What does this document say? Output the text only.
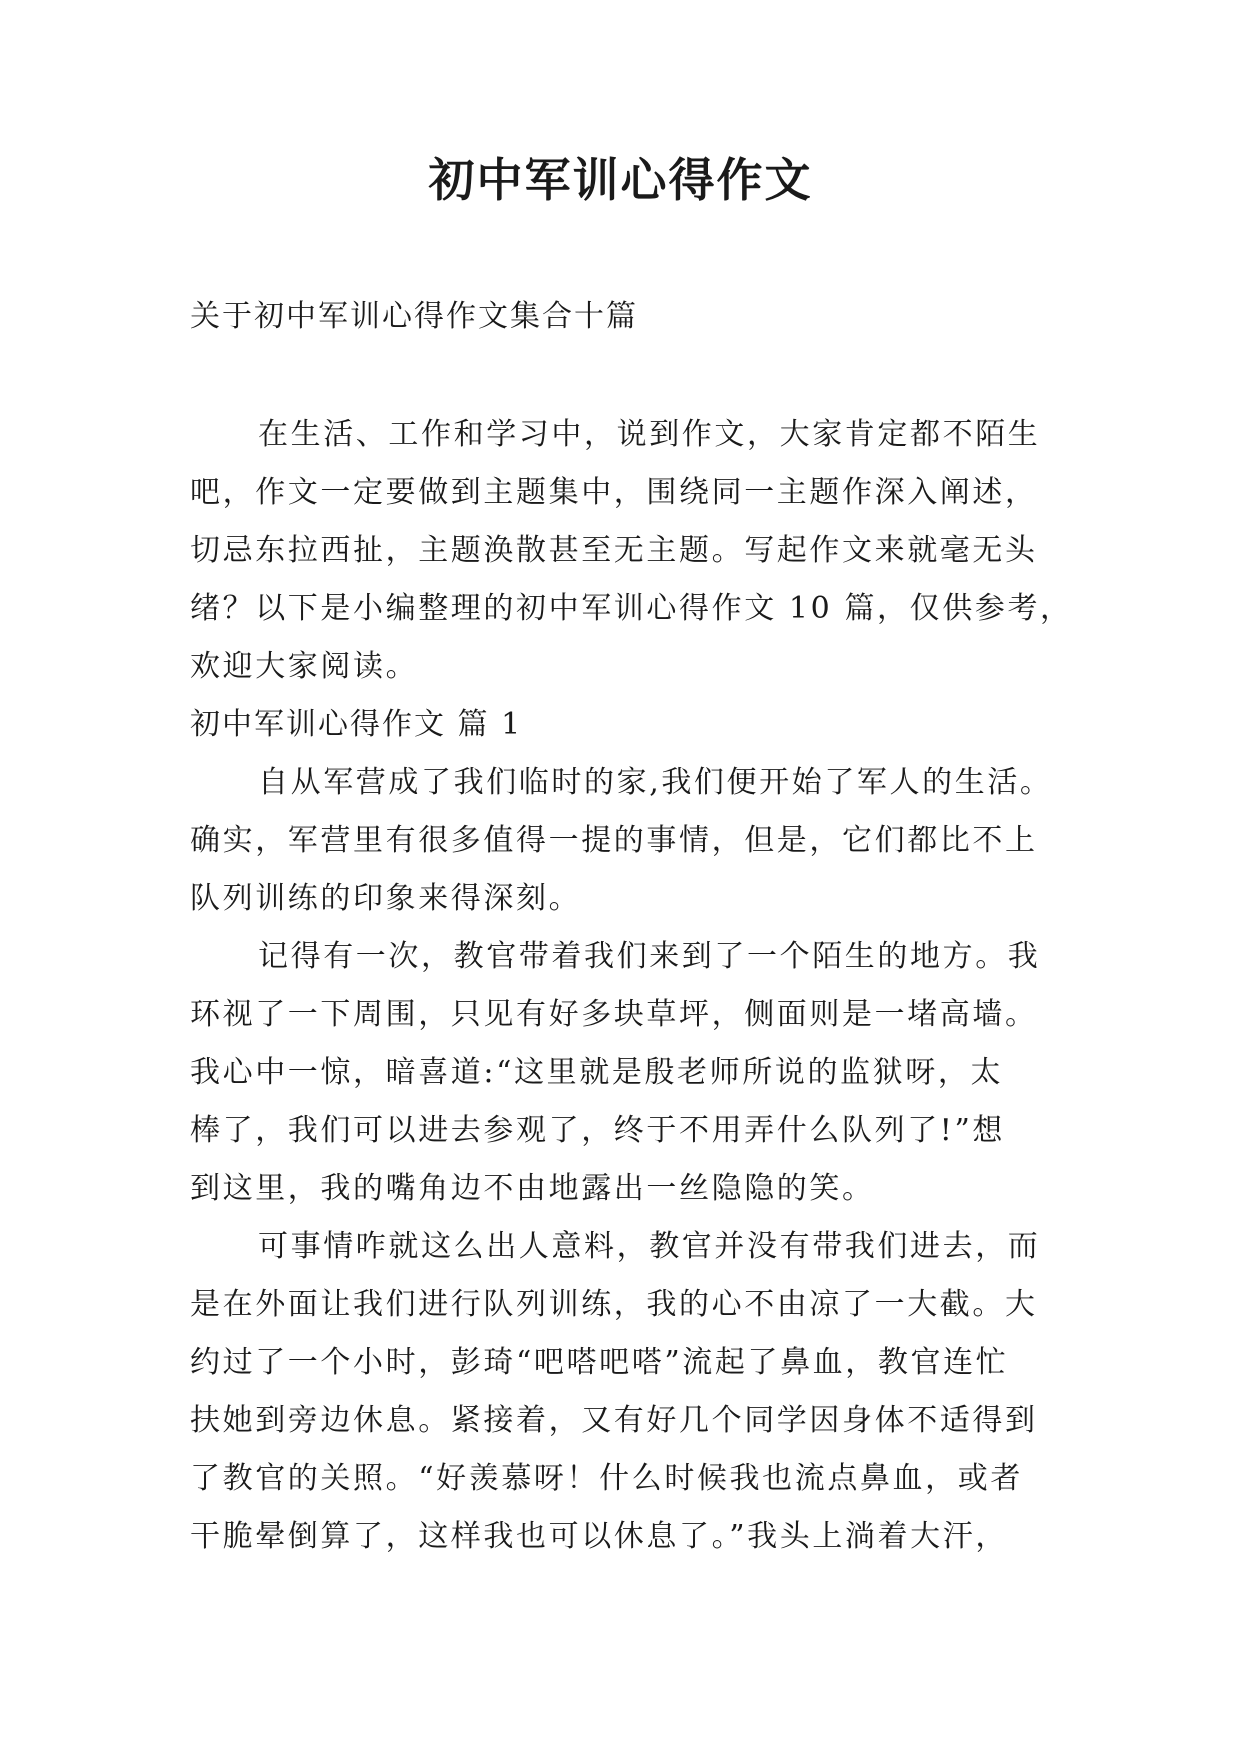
初中军训心得作文

关于初中军训心得作文集合十篇

在生活、工作和学习中，说到作文，大家肯定都不陌生
吧，作文一定要做到主题集中，围绕同一主题作深入阐述，
切忌东拉西扯，主题涣散甚至无主题。写起作文来就毫无头
绪？以下是小编整理的初中军训心得作文 10 篇，仅供参考，
欢迎大家阅读。
初中军训心得作文 篇 1
自从军营成了我们临时的家,我们便开始了军人的生活。
确实，军营里有很多值得一提的事情，但是，它们都比不上
队列训练的印象来得深刻。
记得有一次，教官带着我们来到了一个陌生的地方。我
环视了一下周围，只见有好多块草坪，侧面则是一堵高墙。
我心中一惊，暗喜道:“这里就是殷老师所说的监狱呀，太
棒了，我们可以进去参观了，终于不用弄什么队列了!”想
到这里，我的嘴角边不由地露出一丝隐隐的笑。
可事情咋就这么出人意料，教官并没有带我们进去，而
是在外面让我们进行队列训练，我的心不由凉了一大截。大
约过了一个小时，彭琦“吧嗒吧嗒”流起了鼻血，教官连忙
扶她到旁边休息。紧接着，又有好几个同学因身体不适得到
了教官的关照。“好羡慕呀！什么时候我也流点鼻血，或者
干脆晕倒算了，这样我也可以休息了。”我头上淌着大汗，
